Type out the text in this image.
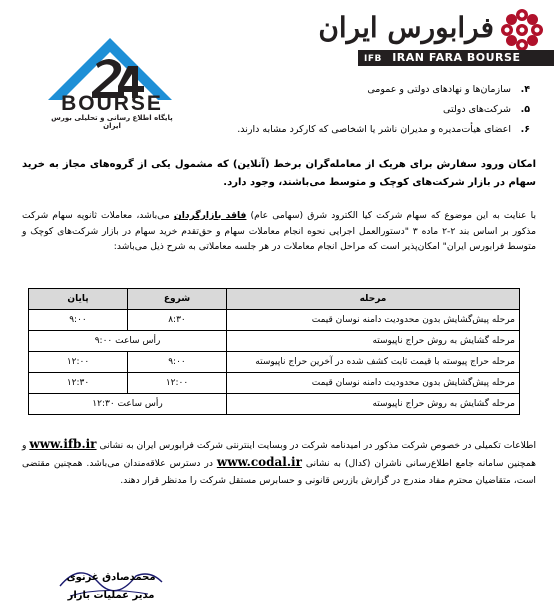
فرابورس ایران
IFB IRAN FARA BOURSE
BOURSE
پایگاه اطلاع رسانی و تحلیلی بورس ایران
۴. سازمان‌ها و نهادهای دولتی و عمومی
۵. شرکت‌های دولتی
۶. اعضای هیأت‌مدیره و مدیران ناشر یا اشخاصی که کارکرد مشابه دارند.
امکان ورود سفارش برای هریک از معامله‌گران برخط (آنلاین) که مشمول یکی از گروه‌های مجاز به خرید سهام در بازار شرکت‌های کوچک و متوسط می‌باشند، وجود دارد.
با عنایت به این موضوع که سهام شرکت کیا الکترود شرق (سهامی عام) فاقد بازارگردان می‌باشد، معاملات ثانویه سهام شرکت مذکور بر اساس بند ۲-۲ ماده ۳ "دستورالعمل اجرایی نحوه انجام معاملات سهام و حق‌تقدم خرید سهام در بازار شرکت‌های کوچک و متوسط فرابورس ایران" امکان‌پذیر است که مراحل انجام معاملات در هر جلسه معاملاتی به شرح ذیل می‌باشد:
مرحله	شروع	پایان
مرحله پیش‌گشایش بدون محدودیت دامنه نوسان قیمت	۸:۳۰	۹:۰۰
مرحله گشایش به روش حراج ناپیوسته	رأس ساعت ۹:۰۰	
مرحله حراج پیوسته با قیمت ثابت کشف شده در آخرین حراج ناپیوسته	۹:۰۰	۱۲:۰۰
مرحله پیش‌گشایش بدون محدودیت دامنه نوسان قیمت	۱۲:۰۰	۱۲:۳۰
مرحله گشایش به روش حراج ناپیوسته	رأس ساعت ۱۲:۳۰	
اطلاعات تکمیلی در خصوص شرکت مذکور در امیدنامه شرکت در وبسایت اینترنتی شرکت فرابورس ایران به نشانی www.ifb.ir و همچنین سامانه جامع اطلاع‌رسانی ناشران (کدال) به نشانی www.codal.ir در دسترس علاقه‌مندان می‌باشد. همچنین مقتضی است، متقاضیان محترم مفاد مندرج در گزارش بازرس قانونی و حسابرس مستقل شرکت را مدنظر قرار دهند.
محمدصادق غزنوی
مدیر عملیات بازار
